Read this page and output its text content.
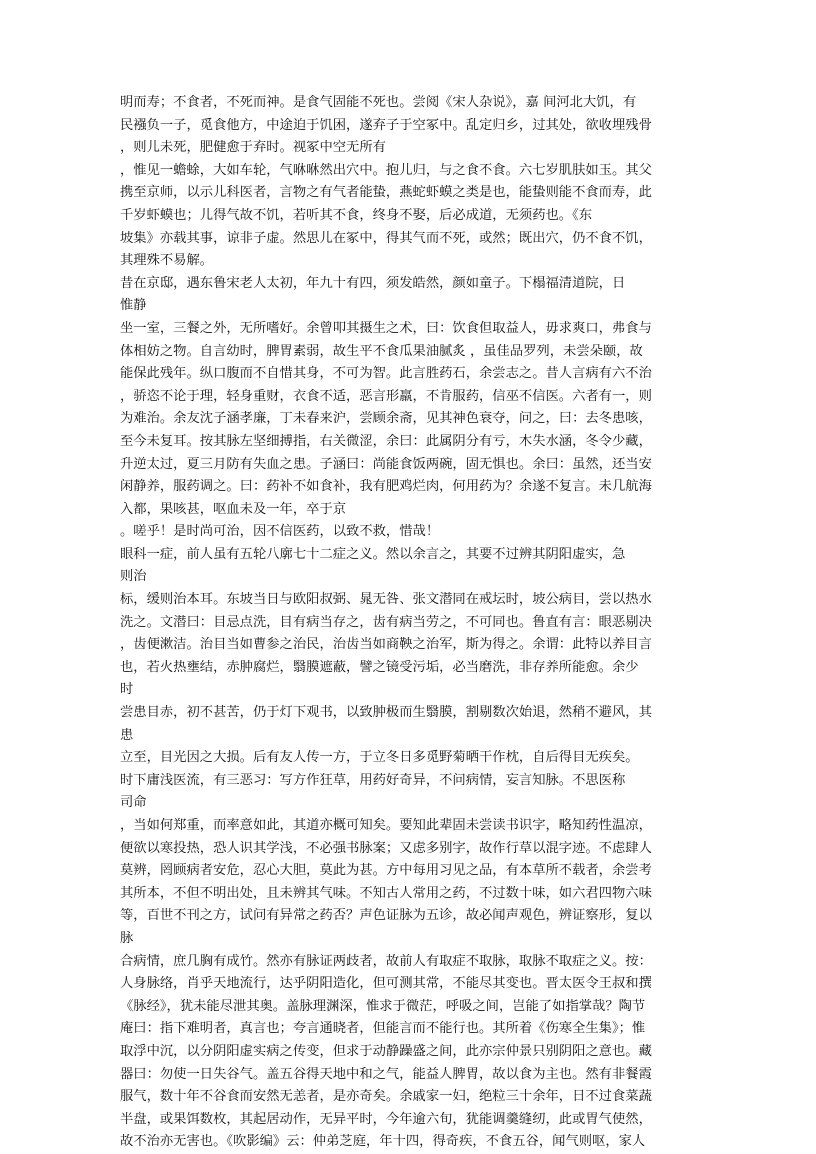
明而寿；不食者，不死而神。是食气固能不死也。尝阅《宋人杂说》，嘉 间河北大饥，有
民襁负一子，觅食他方，中途迫于饥困，遂弃子于空冢中。乱定归乡，过其处，欲收埋残骨
，则儿未死，肥健愈于弃时。视冢中空无所有
，惟见一蟾蜍，大如车轮，气咻咻然出穴中。抱儿归，与之食不食。六七岁肌肤如玉。其父
携至京师，以示儿科医者，言物之有气者能蛰，燕蛇虾蟆之类是也，能蛰则能不食而寿，此
千岁虾蟆也；儿得气故不饥，若听其不食，终身不娶，后必成道，无须药也。《东
坡集》亦载其事，谅非子虚。然思儿在冢中，得其气而不死，或然；既出穴，仍不食不饥，
其理殊不易解。
昔在京邸，遇东鲁宋老人太初，年九十有四，须发皓然，颜如童子。下榻福清道院，日
惟静
坐一室，三餐之外，无所嗜好。余曾叩其摄生之术，曰：饮食但取益人，毋求爽口，弗食与
体相妨之物。自言幼时，脾胃素弱，故生平不食瓜果油腻炙 ，虽佳品罗列，未尝朵颐，故
能保此残年。纵口腹而不自惜其身，不可为智。此言胜药石，余尝志之。昔人言病有六不治
，骄恣不论于理，轻身重财，衣食不适，恶言形羸，不肯服药，信巫不信医。六者有一，则
为难治。余友沈子涵孝廉，丁未春来沪，尝顾余斋，见其神色衰夺，问之，曰：去冬患咳，
至今未复耳。按其脉左坚细搏指，右关微涩，余曰：此属阴分有亏，木失水涵，冬令少藏，
升逆太过，夏三月防有失血之患。子涵曰：尚能食饭两碗，固无惧也。余曰：虽然，还当安
闲静养，服药调之。曰：药补不如食补，我有肥鸡烂肉，何用药为？余遂不复言。未几航海
入都，果咳甚，呕血未及一年，卒于京
。嗟乎！是时尚可治，因不信医药，以致不救，惜哉！
眼科一症，前人虽有五轮八廓七十二症之义。然以余言之，其要不过辨其阴阳虚实，急
则治
标，缓则治本耳。东坡当日与欧阳叔弼、晁无咎、张文潜同在戒坛时，坡公病目，尝以热水
洗之。文潜曰：目忌点洗，目有病当存之，齿有病当劳之，不可同也。鲁直有言：眼恶剔决
，齿便漱洁。治目当如曹参之治民，治齿当如商鞅之治军，斯为得之。余谓：此特以养目言
也，若火热壅结，赤肿腐烂，翳膜遮蔽，譬之镜受污垢，必当磨洗，非存养所能愈。余少
时
尝患目赤，初不甚苦，仍于灯下观书，以致肿极而生翳膜，割剔数次始退，然稍不避风，其
患
立至，目光因之大损。后有友人传一方，于立冬日多觅野菊晒干作枕，自后得目无疾矣。
时下庸浅医流，有三恶习：写方作狂草，用药好奇异，不问病情，妄言知脉。不思医称
司命
，当如何郑重，而率意如此，其道亦概可知矣。要知此辈固未尝读书识字，略知药性温凉，
便欲以寒投热，恐人识其学浅，不必强书脉案；又虑多别字，故作行草以混字迹。不虑肆人
莫辨，罔顾病者安危，忍心大胆，莫此为甚。方中每用习见之品，有本草所不载者，余尝考
其所本，不但不明出处，且未辨其气味。不知古人常用之药，不过数十味，如六君四物六味
等，百世不刊之方，试问有异常之药否？声色证脉为五诊，故必闻声观色，辨证察形，复以
脉
合病情，庶几胸有成竹。然亦有脉证两歧者，故前人有取症不取脉，取脉不取症之义。按：
人身脉络，肖乎天地流行，达乎阴阳造化，但可测其常，不能尽其变也。晋太医令王叔和撰
《脉经》，犹未能尽泄其奥。盖脉理渊深，惟求于微茫，呼吸之间，岂能了如指掌哉？陶节
庵曰：指下难明者，真言也；夸言通晓者，但能言而不能行也。其所着《伤寒全生集》；惟
取浮中沉，以分阴阳虚实病之传变，但求于动静躁盛之间，此亦宗仲景只别阴阳之意也。藏
器曰：勿使一日失谷气。盖五谷得天地中和之气，能益人脾胃，故以食为主也。然有非餐霞
服气，数十年不谷食而安然无恙者，是亦奇矣。余戚家一妇，绝粒三十余年，日不过食菜蔬
半盘，或果饵数枚，其起居动作，无异平时，今年逾六旬，犹能调羹缝纫，此或胃气使然，
故不治亦无害也。《吹影编》云：仲弟芝庭，年十四，得奇疾，不食五谷，闻气则呕，家人
